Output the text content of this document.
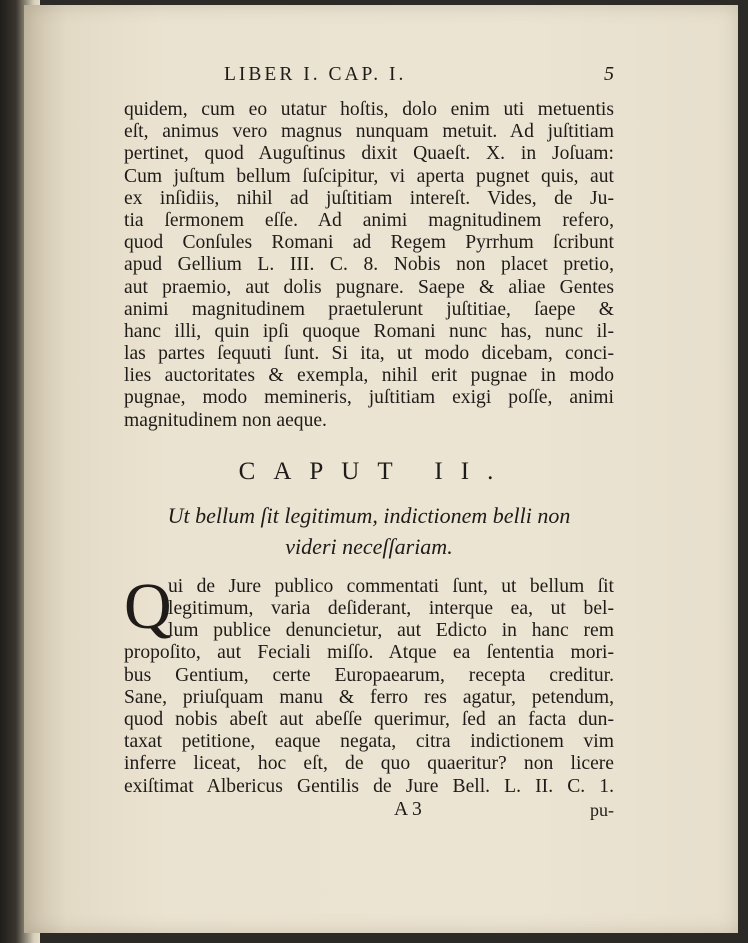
LIBER I. CAP. I.	5
quidem, cum eo utatur hoſtis, dolo enim uti metuentis
eſt, animus vero magnus nunquam metuit. Ad juſtitiam
pertinet, quod Auguſtinus dixit Quaeſt. X. in Joſuam:
Cum juſtum bellum ſuſcipitur, vi aperta pugnet quis, aut
ex inſidiis, nihil ad juſtitiam intereſt. Vides, de Ju-
tia ſermonem eſſe. Ad animi magnitudinem refero,
quod Conſules Romani ad Regem Pyrrhum ſcribunt
apud Gellium L. III. C. 8. Nobis non placet pretio,
aut praemio, aut dolis pugnare. Saepe & aliae Gentes
animi magnitudinem praetulerunt juſtitiae, ſaepe &
hanc illi, quin ipſi quoque Romani nunc has, nunc il-
las partes ſequuti ſunt. Si ita, ut modo dicebam, conci-
lies auctoritates & exempla, nihil erit pugnae in modo
pugnae, modo memineris, juſtitiam exigi poſſe, animi
magnitudinem non aeque.
CAPUT II.
Ut bellum ſit legitimum, indictionem belli non
videri neceſſariam.
Q
ui de Jure publico commentati ſunt, ut bellum ſit
legitimum, varia deſiderant, interque ea, ut bel-
lum publice denuncietur, aut Edicto in hanc rem
propoſito, aut Feciali miſſo. Atque ea ſententia mori-
bus Gentium, certe Europaearum, recepta creditur.
Sane, priuſquam manu & ferro res agatur, petendum,
quod nobis abeſt aut abeſſe querimur, ſed an facta dun-
taxat petitione, eaque negata, citra indictionem vim
inferre liceat, hoc eſt, de quo quaeritur? non licere
exiſtimat Albericus Gentilis de Jure Bell. L. II. C. 1.
A 3	pu-
